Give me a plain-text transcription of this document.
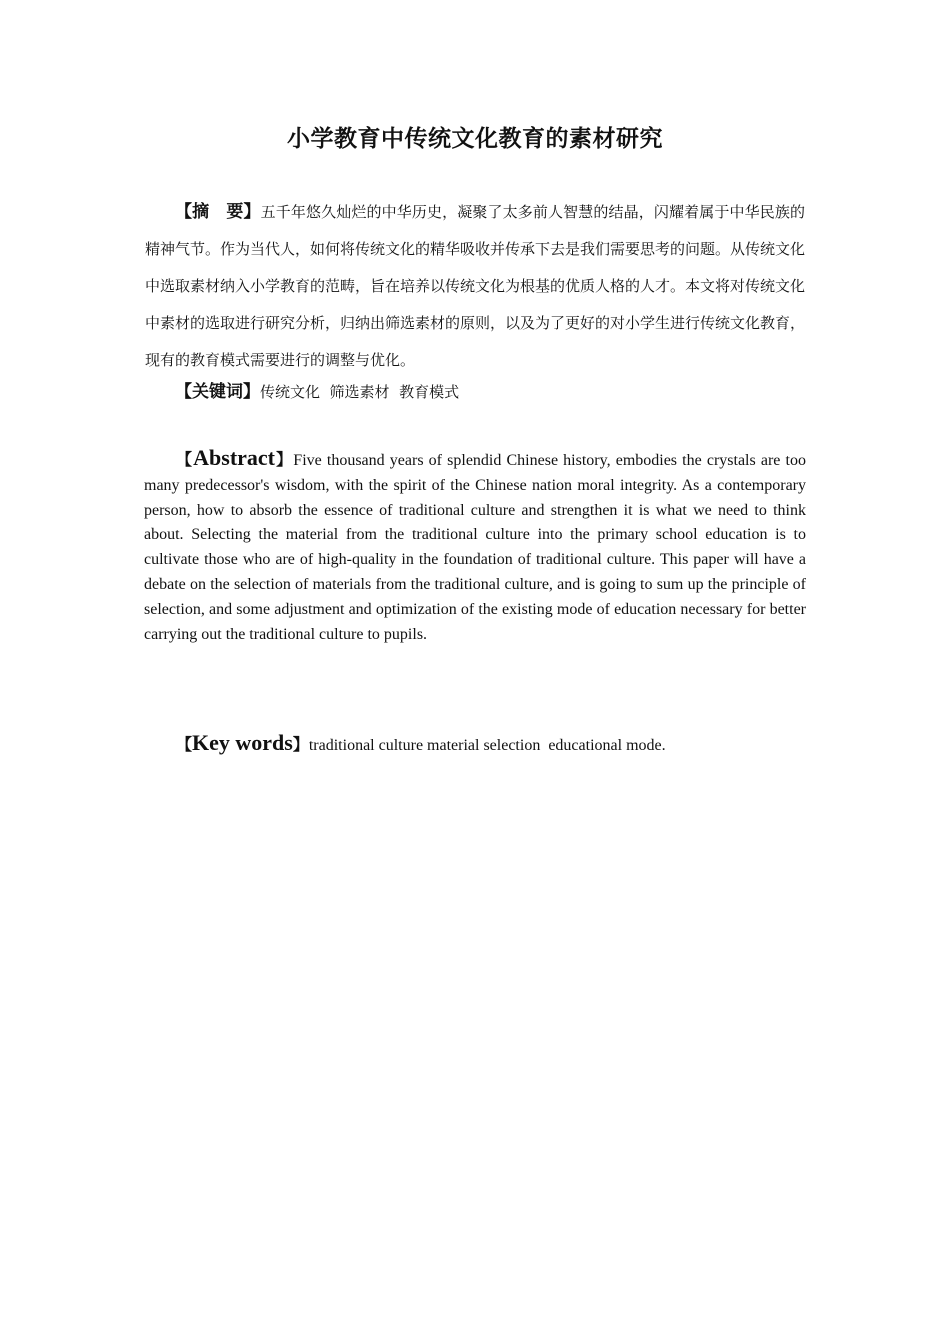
小学教育中传统文化教育的素材研究

【摘　要】五千年悠久灿烂的中华历史，凝聚了太多前人智慧的结晶，闪耀着属于中华民族的精神气节。作为当代人，如何将传统文化的精华吸收并传承下去是我们需要思考的问题。从传统文化中选取素材纳入小学教育的范畴，旨在培养以传统文化为根基的优质人格的人才。本文将对传统文化中素材的选取进行研究分析，归纳出筛选素材的原则，以及为了更好的对小学生进行传统文化教育，现有的教育模式需要进行的调整与优化。

【关键词】传统文化  筛选素材  教育模式

【Abstract】Five thousand years of splendid Chinese history, embodies the crystals are too many predecessor's wisdom, with the spirit of the Chinese nation moral integrity. As a contemporary person, how to absorb the essence of traditional culture and strengthen it is what we need to think about. Selecting the material from the traditional culture into the primary school education is to cultivate those who are of high-quality in the foundation of traditional culture. This paper will have a debate on the selection of materials from the traditional culture, and is going to sum up the principle of selection, and some adjustment and optimization of the existing mode of education necessary for better carrying out the traditional culture to pupils.

【Key words】traditional culture material selection  educational mode.
